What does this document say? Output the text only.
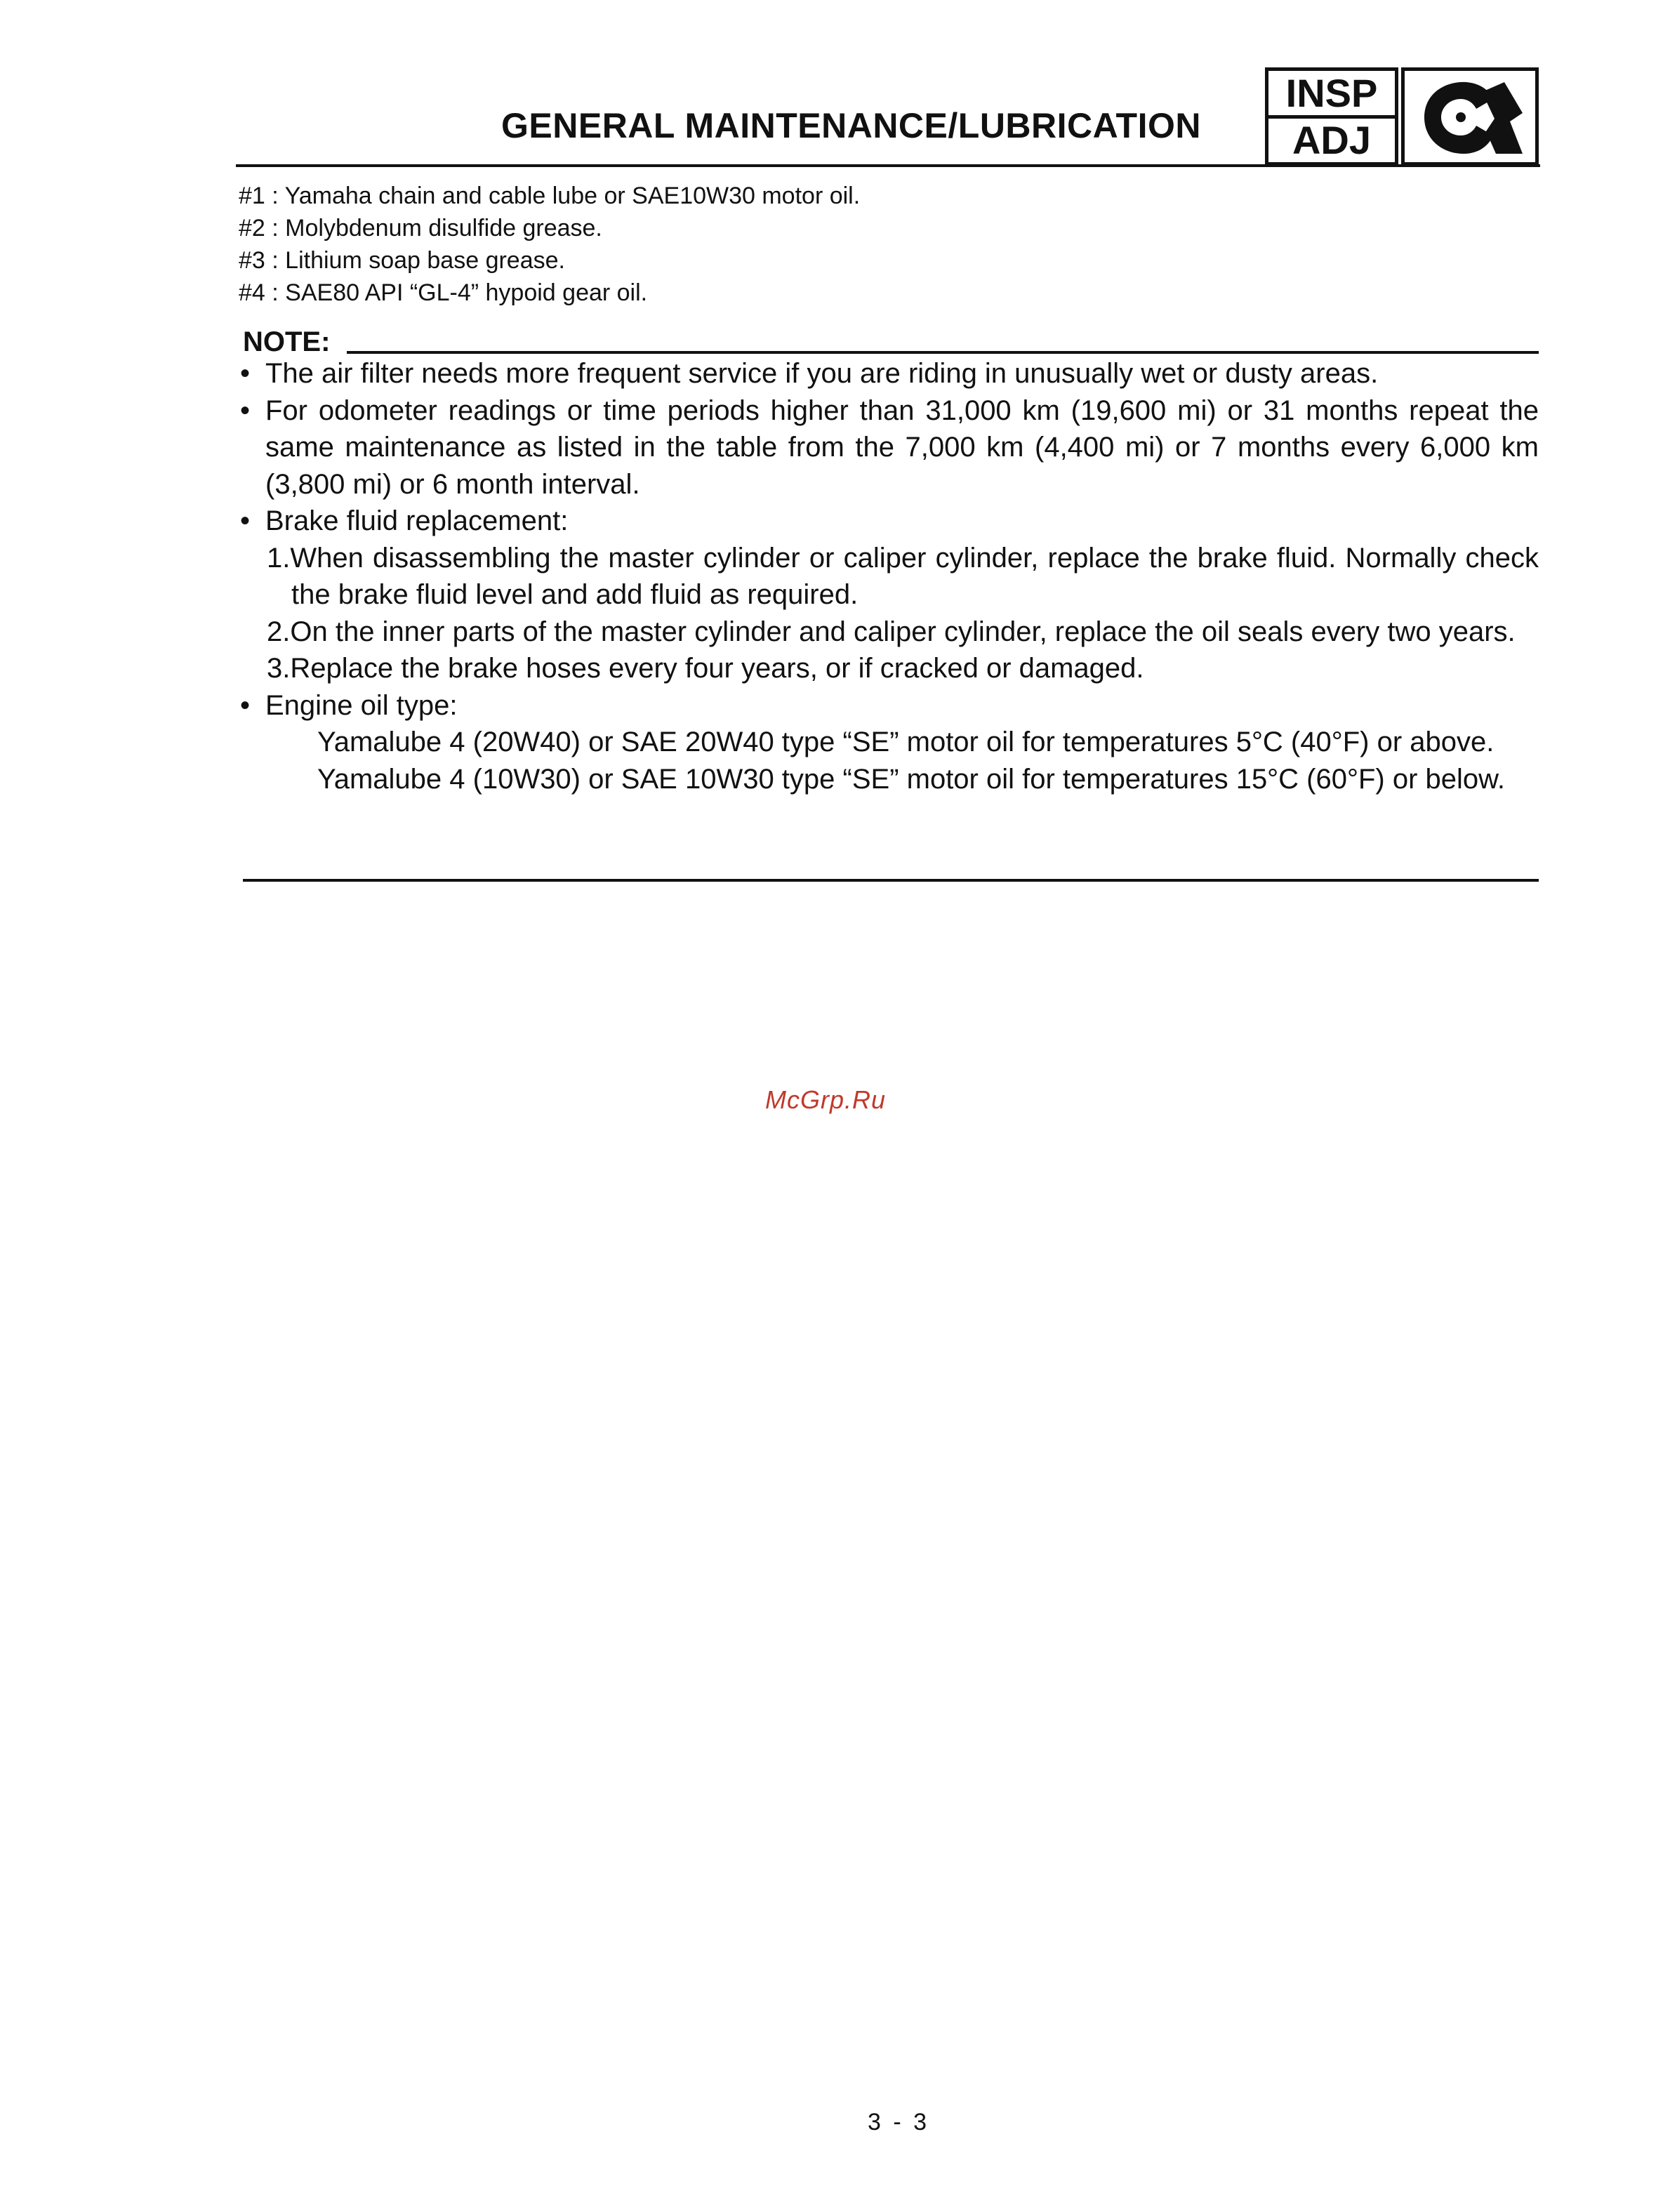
GENERAL MAINTENANCE/LUBRICATION
INSP
ADJ
#1 : Yamaha chain and cable lube or SAE10W30 motor oil.
#2 : Molybdenum disulfide grease.
#3 : Lithium soap base grease.
#4 : SAE80 API “GL-4” hypoid gear oil.
NOTE:
• The air filter needs more frequent service if you are riding in unusually wet or dusty areas.
• For odometer readings or time periods higher than 31,000 km (19,600 mi) or 31 months repeat the same maintenance as listed in the table from the 7,000 km (4,400 mi) or 7 months every 6,000 km (3,800 mi) or 6 month interval.
• Brake fluid replacement:
1.When disassembling the master cylinder or caliper cylinder, replace the brake fluid. Normally check the brake fluid level and add fluid as required.
2.On the inner parts of the master cylinder and caliper cylinder, replace the oil seals every two years.
3.Replace the brake hoses every four years, or if cracked or damaged.
• Engine oil type:
Yamalube 4 (20W40) or SAE 20W40 type “SE” motor oil for temperatures 5°C (40°F) or above.
Yamalube 4 (10W30) or SAE 10W30 type “SE” motor oil for temperatures 15°C (60°F) or below.
McGrp.Ru
3 - 3
